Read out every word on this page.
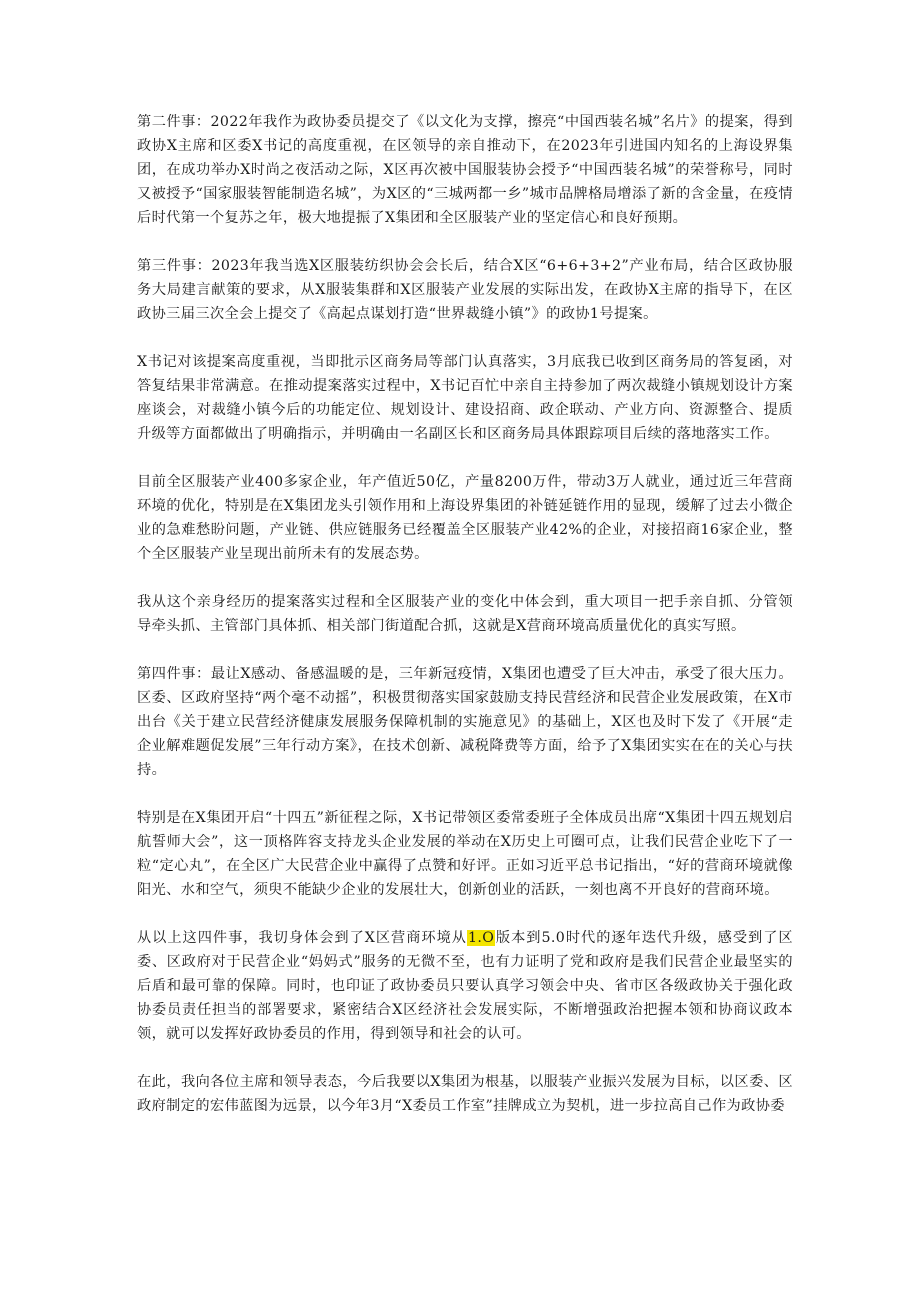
第二件事：2022年我作为政协委员提交了《以文化为支撑，擦亮“中国西装名城”名片》的提案，得到政协X主席和区委X书记的高度重视，在区领导的亲自推动下，在2023年引进国内知名的上海设界集团，在成功举办X时尚之夜活动之际，X区再次被中国服装协会授予“中国西装名城”的荣誉称号，同时又被授予“国家服装智能制造名城”，为X区的“三城两都一乡”城市品牌格局增添了新的含金量，在疫情后时代第一个复苏之年，极大地提振了X集团和全区服装产业的坚定信心和良好预期。

第三件事：2023年我当选X区服装纺织协会会长后，结合X区“6+6+3+2”产业布局，结合区政协服务大局建言献策的要求，从X服装集群和X区服装产业发展的实际出发，在政协X主席的指导下，在区政协三届三次全会上提交了《高起点谋划打造“世界裁缝小镇”》的政协1号提案。

X书记对该提案高度重视，当即批示区商务局等部门认真落实，3月底我已收到区商务局的答复函，对答复结果非常满意。在推动提案落实过程中，X书记百忙中亲自主持参加了两次裁缝小镇规划设计方案座谈会，对裁缝小镇今后的功能定位、规划设计、建设招商、政企联动、产业方向、资源整合、提质升级等方面都做出了明确指示，并明确由一名副区长和区商务局具体跟踪项目后续的落地落实工作。

目前全区服装产业400多家企业，年产值近50亿，产量8200万件，带动3万人就业，通过近三年营商环境的优化，特别是在X集团龙头引领作用和上海设界集团的补链延链作用的显现，缓解了过去小微企业的急难愁盼问题，产业链、供应链服务已经覆盖全区服装产业42%的企业，对接招商16家企业，整个全区服装产业呈现出前所未有的发展态势。

我从这个亲身经历的提案落实过程和全区服装产业的变化中体会到，重大项目一把手亲自抓、分管领导牵头抓、主管部门具体抓、相关部门街道配合抓，这就是X营商环境高质量优化的真实写照。

第四件事：最让X感动、备感温暖的是，三年新冠疫情，X集团也遭受了巨大冲击，承受了很大压力。区委、区政府坚持“两个毫不动摇”，积极贯彻落实国家鼓励支持民营经济和民营企业发展政策，在X市出台《关于建立民营经济健康发展服务保障机制的实施意见》的基础上，X区也及时下发了《开展“走企业解难题促发展”三年行动方案》，在技术创新、减税降费等方面，给予了X集团实实在在的关心与扶持。

特别是在X集团开启“十四五”新征程之际，X书记带领区委常委班子全体成员出席“X集团十四五规划启航誓师大会”，这一顶格阵容支持龙头企业发展的举动在X历史上可圈可点，让我们民营企业吃下了一粒“定心丸”，在全区广大民营企业中赢得了点赞和好评。正如习近平总书记指出，“好的营商环境就像阳光、水和空气，须臾不能缺少企业的发展壮大，创新创业的活跃，一刻也离不开良好的营商环境。

从以上这四件事，我切身体会到了X区营商环境从1.O版本到5.0时代的逐年迭代升级，感受到了区委、区政府对于民营企业“妈妈式”服务的无微不至，也有力证明了党和政府是我们民营企业最坚实的后盾和最可靠的保障。同时，也印证了政协委员只要认真学习领会中央、省市区各级政协关于强化政协委员责任担当的部署要求，紧密结合X区经济社会发展实际，不断增强政治把握本领和协商议政本领，就可以发挥好政协委员的作用，得到领导和社会的认可。

在此，我向各位主席和领导表态，今后我要以X集团为根基，以服装产业振兴发展为目标，以区委、区政府制定的宏伟蓝图为远景，以今年3月“X委员工作室”挂牌成立为契机，进一步拉高自己作为政协委
